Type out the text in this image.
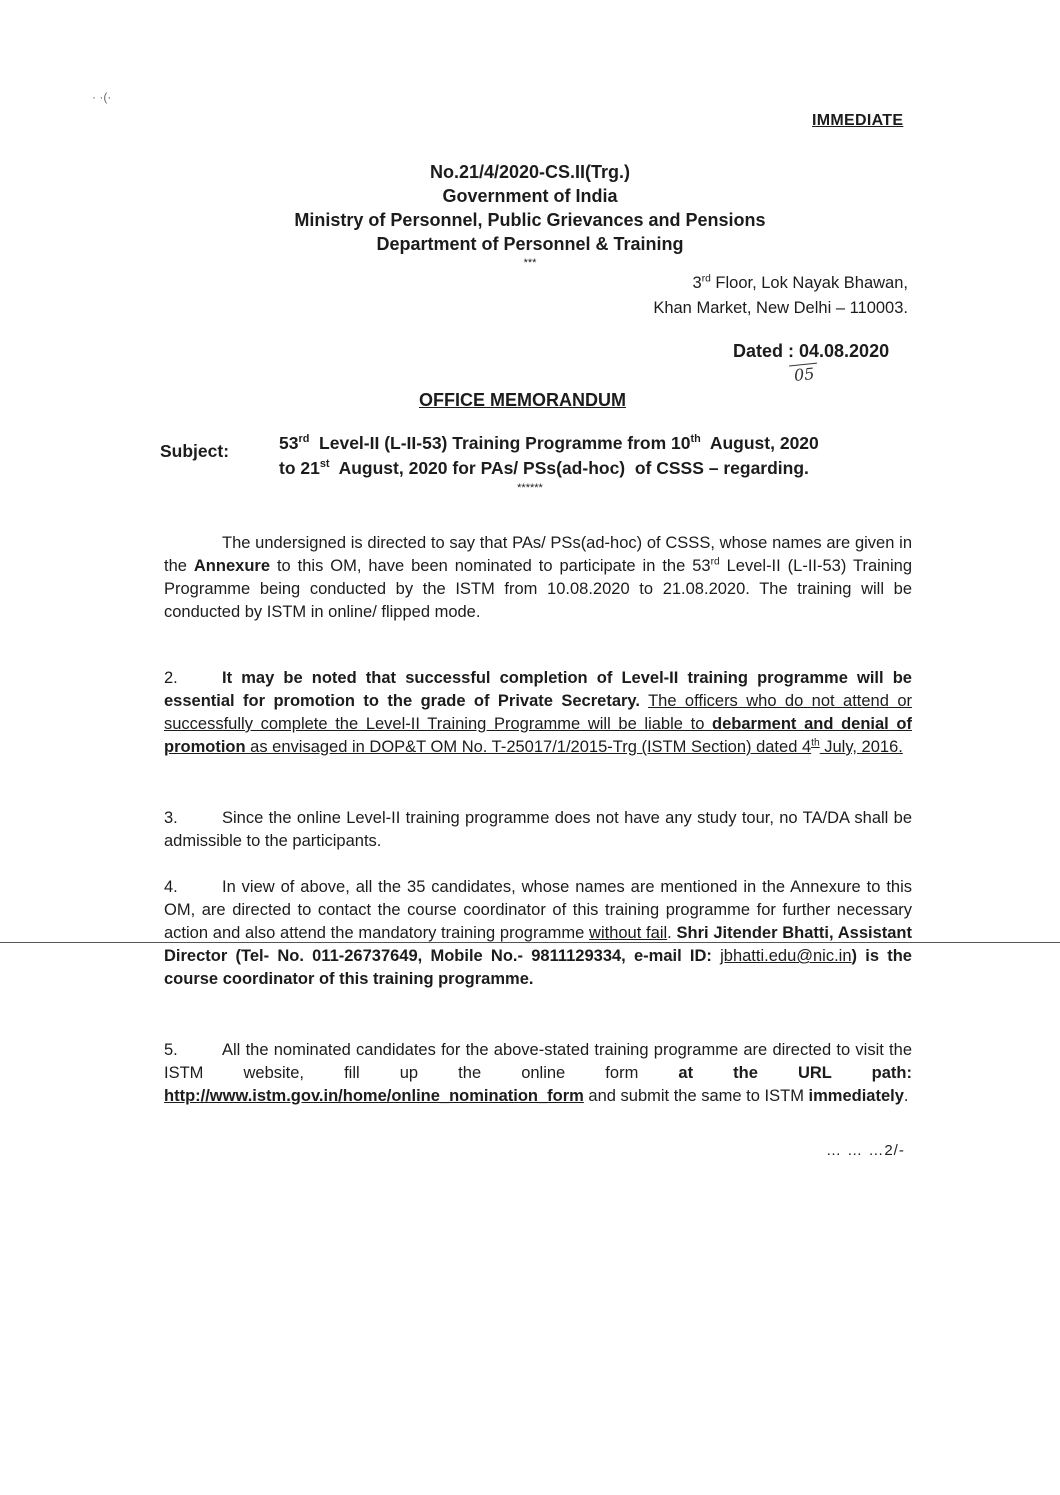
· ·(·
IMMEDIATE
No.21/4/2020-CS.II(Trg.)
Government of India
Ministry of Personnel, Public Grievances and Pensions
Department of Personnel & Training
***
3rd Floor, Lok Nayak Bhawan,
Khan Market, New Delhi – 110003.
Dated : 04.08.2020
05
OFFICE MEMORANDUM
Subject:	53rd  Level-II (L-II-53) Training Programme from 10th  August, 2020
to 21st  August, 2020 for PAs/ PSs(ad-hoc)  of CSSS – regarding.
******
The undersigned is directed to say that PAs/ PSs(ad-hoc) of CSSS, whose names are given in the Annexure to this OM, have been nominated to participate in the 53rd Level-II (L-II-53) Training Programme being conducted by the ISTM from 10.08.2020 to 21.08.2020. The training will be conducted by ISTM in online/ flipped mode.
2.	It may be noted that successful completion of Level-II training programme will be essential for promotion to the grade of Private Secretary. The officers who do not attend or successfully complete the Level-II Training Programme will be liable to debarment and denial of promotion as envisaged in DOP&T OM No. T-25017/1/2015-Trg (ISTM Section) dated 4th July, 2016.
3.	Since the online Level-II training programme does not have any study tour, no TA/DA shall be admissible to the participants.
4.	In view of above, all the 35 candidates, whose names are mentioned in the Annexure to this OM, are directed to contact the course coordinator of this training programme for further necessary action and also attend the mandatory training programme without fail. Shri Jitender Bhatti, Assistant Director (Tel- No. 011-26737649, Mobile No.- 9811129334, e-mail ID: jbhatti.edu@nic.in) is the course coordinator of this training programme.
5.	All the nominated candidates for the above-stated training programme are directed to visit the ISTM website, fill up the online form at the URL path: http://www.istm.gov.in/home/online_nomination_form and submit the same to ISTM immediately.
… … …2/-
